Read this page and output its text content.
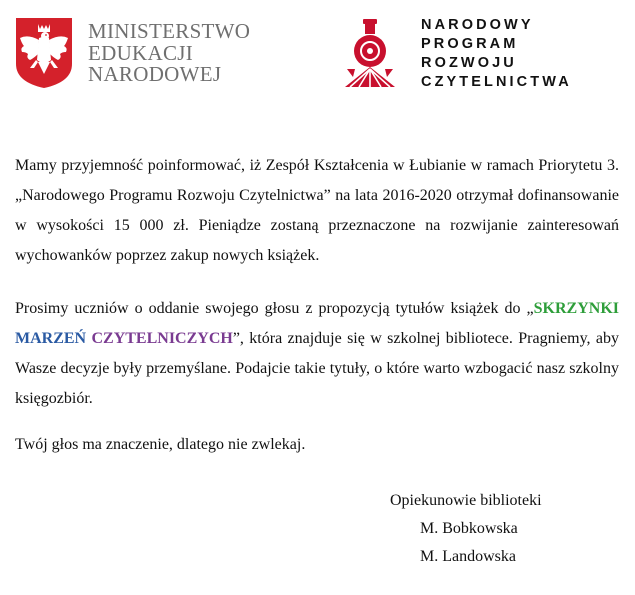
MINISTERSTWO
EDUKACJI
NARODOWEJ
NARODOWY
PROGRAM
ROZWOJU
CZYTELNICTWA
Mamy przyjemność poinformować, iż Zespół Kształcenia w Łubianie w ramach Priorytetu 3. „Narodowego Programu Rozwoju Czytelnictwa” na lata 2016-2020 otrzymał dofinansowanie w wysokości 15 000 zł. Pieniądze zostaną przeznaczone na rozwijanie zainteresowań wychowanków poprzez zakup nowych książek.
Prosimy uczniów o oddanie swojego głosu z propozycją tytułów książek do „SKRZYNKI MARZEŃ CZYTELNICZYCH”, która znajduje się w szkolnej bibliotece. Pragniemy, aby Wasze decyzje były przemyślane. Podajcie takie tytuły, o które warto wzbogacić nasz szkolny księgozbiór.
Twój głos ma znaczenie, dlatego nie zwlekaj.
Opiekunowie biblioteki
M. Bobkowska
M. Landowska
